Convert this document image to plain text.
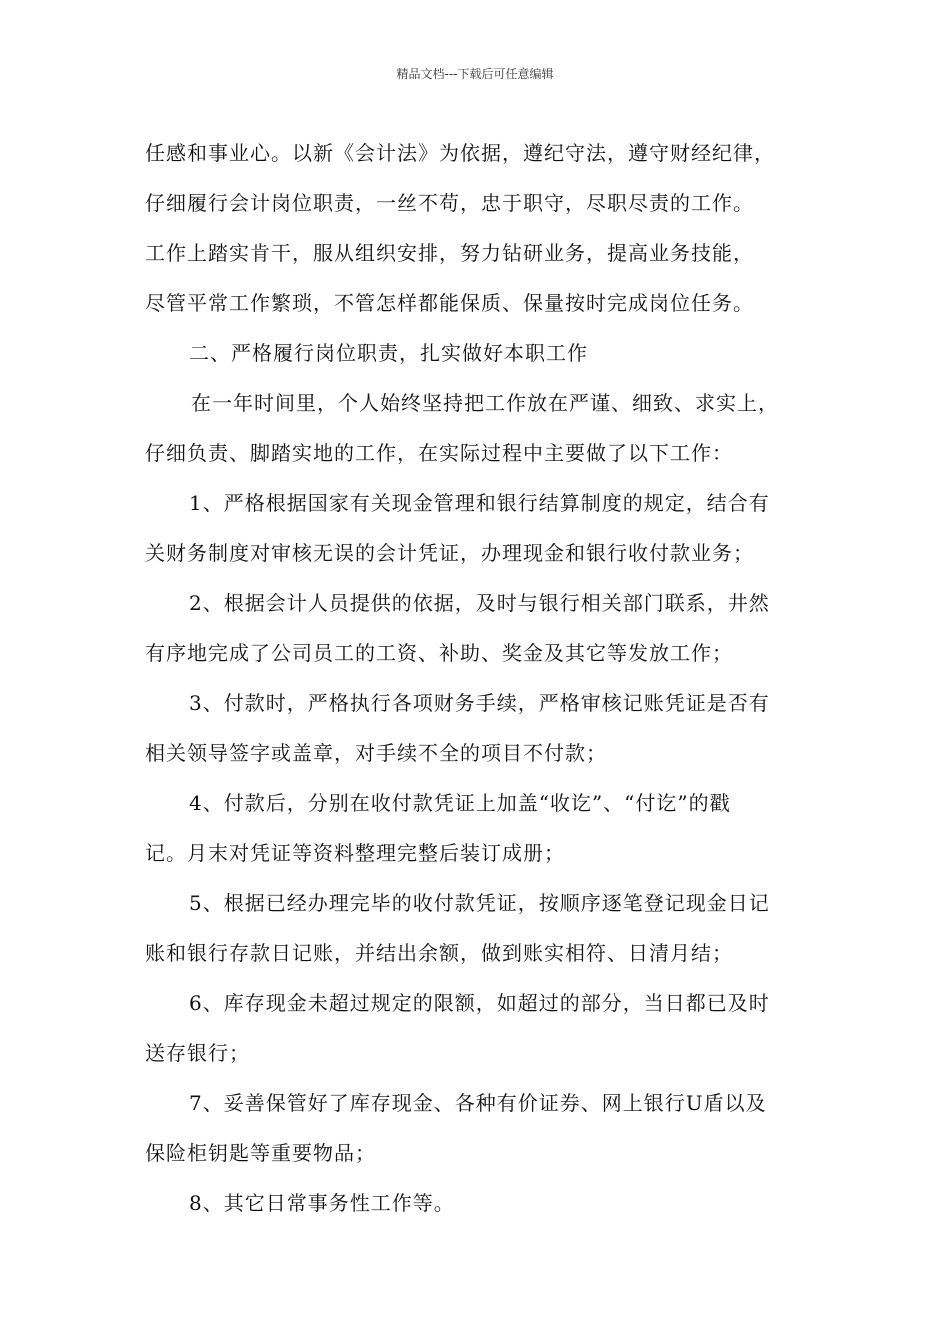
精品文档---下载后可任意编辑
任感和事业心。以新《会计法》为依据，遵纪守法，遵守财经纪律，
仔细履行会计岗位职责，一丝不苟，忠于职守，尽职尽责的工作。
工作上踏实肯干，服从组织安排，努力钻研业务，提高业务技能，
尽管平常工作繁琐，不管怎样都能保质、保量按时完成岗位任务。
二、严格履行岗位职责，扎实做好本职工作
在一年时间里，个人始终坚持把工作放在严谨、细致、求实上，
仔细负责、脚踏实地的工作，在实际过程中主要做了以下工作：
1、严格根据国家有关现金管理和银行结算制度的规定，结合有
关财务制度对审核无误的会计凭证，办理现金和银行收付款业务；
2、根据会计人员提供的依据，及时与银行相关部门联系，井然
有序地完成了公司员工的工资、补助、奖金及其它等发放工作；
3、付款时，严格执行各项财务手续，严格审核记账凭证是否有
相关领导签字或盖章，对手续不全的项目不付款；
4、付款后，分别在收付款凭证上加盖“收讫”、“付讫”的戳
记。月末对凭证等资料整理完整后装订成册；
5、根据已经办理完毕的收付款凭证，按顺序逐笔登记现金日记
账和银行存款日记账，并结出余额，做到账实相符、日清月结；
6、库存现金未超过规定的限额，如超过的部分，当日都已及时
送存银行；
7、妥善保管好了库存现金、各种有价证券、网上银行U盾以及
保险柜钥匙等重要物品；
8、其它日常事务性工作等。
